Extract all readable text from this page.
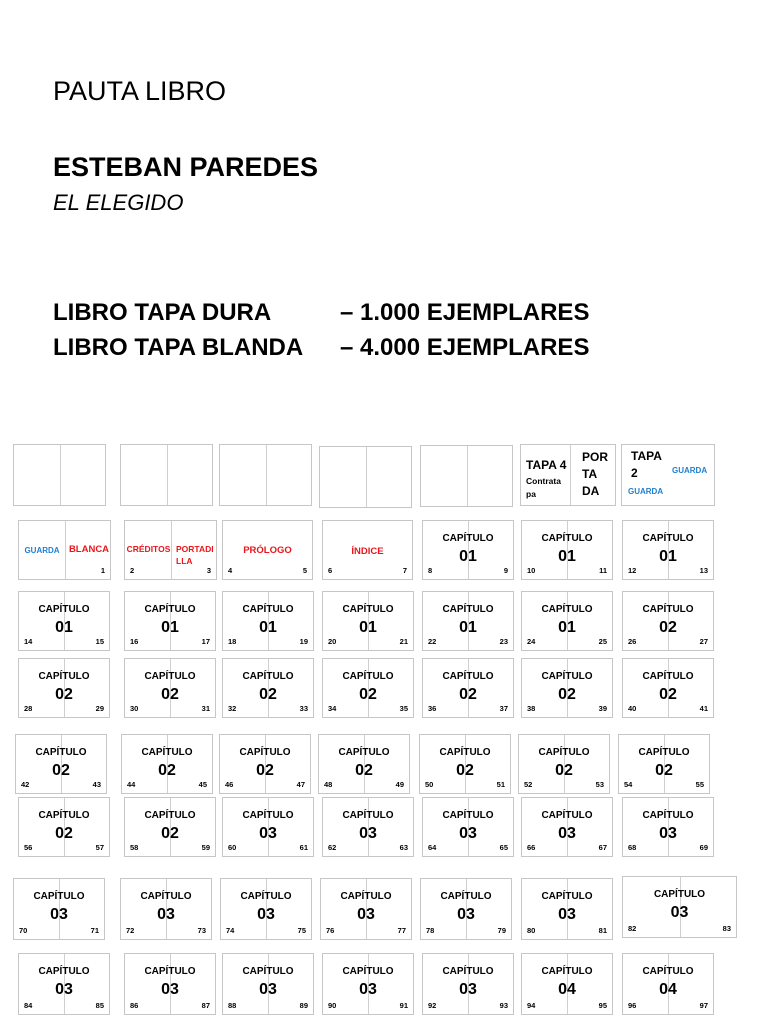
PAUTA LIBRO
ESTEBAN PAREDES
EL ELEGIDO
LIBRO TAPA DURA	– 1.000 EJEMPLARES
LIBRO TAPA BLANDA – 4.000 EJEMPLARES
TAPA 4
Contrata pa
POR TA DA
TAPA 2	GUARDA
GUARDA
GUARDA BLANCA
1
CRÉDITOS PORTADI LLA
2	3
PRÓLOGO
4	5
ÍNDICE
6	7
CAPÍTULO
01
8	9
CAPÍTULO
01
10	11
CAPÍTULO
01
12	13
CAPÍTULO
01
14	15
CAPÍTULO
01
16	17
CAPÍTULO
01
18	19
CAPÍTULO
01
20	21
CAPÍTULO
01
22	23
CAPÍTULO
01
24	25
CAPÍTULO
02
26	27
CAPÍTULO
02
28	29
CAPÍTULO
02
30	31
CAPÍTULO
02
32	33
CAPÍTULO
02
34	35
CAPÍTULO
02
36	37
CAPÍTULO
02
38	39
CAPÍTULO
02
40	41
CAPÍTULO
02
42	43
CAPÍTULO
02
44	45
CAPÍTULO
02
46	47
CAPÍTULO
02
48	49
CAPÍTULO
02
50	51
CAPÍTULO
02
52	53
CAPÍTULO
02
54	55
CAPÍTULO
02
56	57
CAPÍTULO
02
58	59
CAPÍTULO
03
60	61
CAPÍTULO
03
62	63
CAPÍTULO
03
64	65
CAPÍTULO
03
66	67
CAPÍTULO
03
68	69
CAPÍTULO
03
70	71
CAPÍTULO
03
72	73
CAPÍTULO
03
74	75
CAPÍTULO
03
76	77
CAPÍTULO
03
78	79
CAPÍTULO
03
80	81
CAPÍTULO
03
82	83
CAPÍTULO
03
84	85
CAPÍTULO
03
86	87
CAPÍTULO
03
88	89
CAPÍTULO
03
90	91
CAPÍTULO
03
92	93
CAPÍTULO
04
94	95
CAPÍTULO
04
96	97
